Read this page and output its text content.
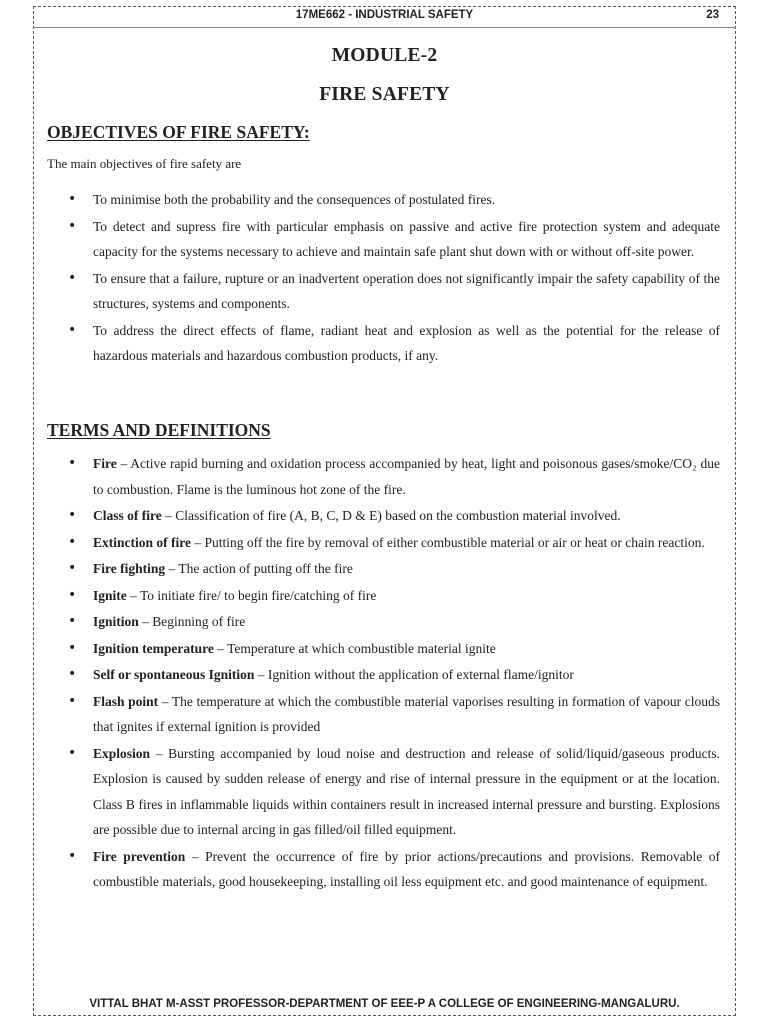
17ME662 - INDUSTRIAL SAFETY	23
MODULE-2
FIRE SAFETY
OBJECTIVES OF FIRE SAFETY:
The main objectives of fire safety are
• To minimise both the probability and the consequences of postulated fires.
• To detect and supress fire with particular emphasis on passive and active fire protection system and adequate capacity for the systems necessary to achieve and maintain safe plant shut down with or without off-site power.
• To ensure that a failure, rupture or an inadvertent operation does not significantly impair the safety capability of the structures, systems and components.
• To address the direct effects of flame, radiant heat and explosion as well as the potential for the release of hazardous materials and hazardous combustion products, if any.
TERMS AND DEFINITIONS
• Fire – Active rapid burning and oxidation process accompanied by heat, light and poisonous gases/smoke/CO₂ due to combustion. Flame is the luminous hot zone of the fire.
• Class of fire – Classification of fire (A, B, C, D & E) based on the combustion material involved.
• Extinction of fire – Putting off the fire by removal of either combustible material or air or heat or chain reaction.
• Fire fighting – The action of putting off the fire
• Ignite – To initiate fire/ to begin fire/catching of fire
• Ignition – Beginning of fire
• Ignition temperature – Temperature at which combustible material ignite
• Self or spontaneous Ignition – Ignition without the application of external flame/ignitor
• Flash point – The temperature at which the combustible material vaporises resulting in formation of vapour clouds that ignites if external ignition is provided
• Explosion – Bursting accompanied by loud noise and destruction and release of solid/liquid/gaseous products. Explosion is caused by sudden release of energy and rise of internal pressure in the equipment or at the location. Class B fires in inflammable liquids within containers result in increased internal pressure and bursting. Explosions are possible due to internal arcing in gas filled/oil filled equipment.
• Fire prevention – Prevent the occurrence of fire by prior actions/precautions and provisions. Removable of combustible materials, good housekeeping, installing oil less equipment etc. and good maintenance of equipment.
VITTAL BHAT M-ASST PROFESSOR-DEPARTMENT OF EEE-P A COLLEGE OF ENGINEERING-MANGALURU.
